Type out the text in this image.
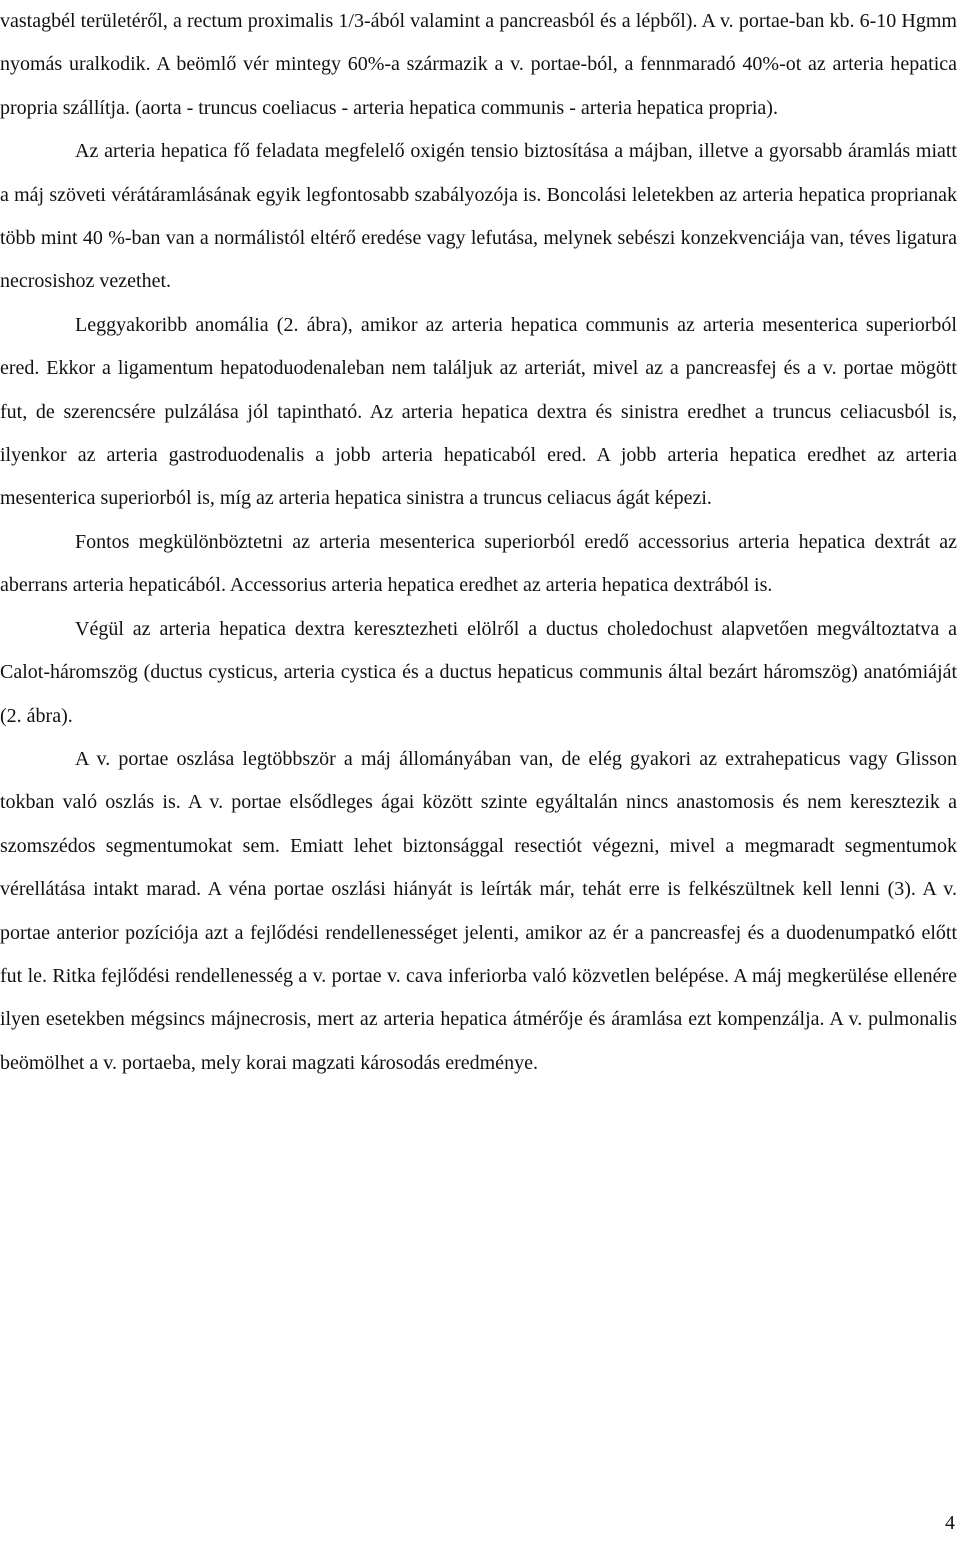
vastagbél területéről, a rectum proximalis 1/3-ából valamint a pancreasból és a lépből). A v. portae-ban kb. 6-10 Hgmm nyomás uralkodik. A beömlő vér mintegy 60%-a származik a v. portae-ból, a fennmaradó 40%-ot az arteria hepatica propria szállítja. (aorta - truncus coeliacus - arteria hepatica communis - arteria hepatica propria).

Az arteria hepatica fő feladata megfelelő oxigén tensio biztosítása a májban, illetve a gyorsabb áramlás miatt a máj szöveti vérátáramlásának egyik legfontosabb szabályozója is. Boncolási leletekben az arteria hepatica proprianak több mint 40 %-ban van a normálistól eltérő eredése vagy lefutása, melynek sebészi konzekvenciája van, téves ligatura necrosishoz vezethet.

Leggyakoribb anomália (2. ábra), amikor az arteria hepatica communis az arteria mesenterica superiorból ered. Ekkor a ligamentum hepatoduodenaleban nem találjuk az arteriát, mivel az a pancreasfej és a v. portae mögött fut, de szerencsére pulzálása jól tapintható. Az arteria hepatica dextra és sinistra eredhet a truncus celiacusból is, ilyenkor az arteria gastroduodenalis a jobb arteria hepaticaból ered. A jobb arteria hepatica eredhet az arteria mesenterica superiorból is, míg az arteria hepatica sinistra a truncus celiacus ágát képezi.

Fontos megkülönböztetni az arteria mesenterica superiorból eredő accessorius arteria hepatica dextrát az aberrans arteria hepaticából. Accessorius arteria hepatica eredhet az arteria hepatica dextrából is.

Végül az arteria hepatica dextra keresztezheti elölről a ductus choledochust alapvetően megváltoztatva a Calot-háromszög (ductus cysticus, arteria cystica és a ductus hepaticus communis által bezárt háromszög) anatómiáját (2. ábra).

A v. portae oszlása legtöbbször a máj állományában van, de elég gyakori az extrahepaticus vagy Glisson tokban való oszlás is. A v. portae elsődleges ágai között szinte egyáltalán nincs anastomosis és nem keresztezik a szomszédos segmentumokat sem. Emiatt lehet biztonsággal resectiót végezni, mivel a megmaradt segmentumok vérellátása intakt marad. A véna portae oszlási hiányát is leírták már, tehát erre is felkészültnek kell lenni (3). A v. portae anterior pozíciója azt a fejlődési rendellenességet jelenti, amikor az ér a pancreasfej és a duodenumpatkó előtt fut le. Ritka fejlődési rendellenesség a v. portae v. cava inferiorba való közvetlen belépése. A máj megkerülése ellenére ilyen esetekben mégsincs májnecrosis, mert az arteria hepatica átmérője és áramlása ezt kompenzálja. A v. pulmonalis beömölhet a v. portaeba, mely korai magzati károsodás eredménye.

4
